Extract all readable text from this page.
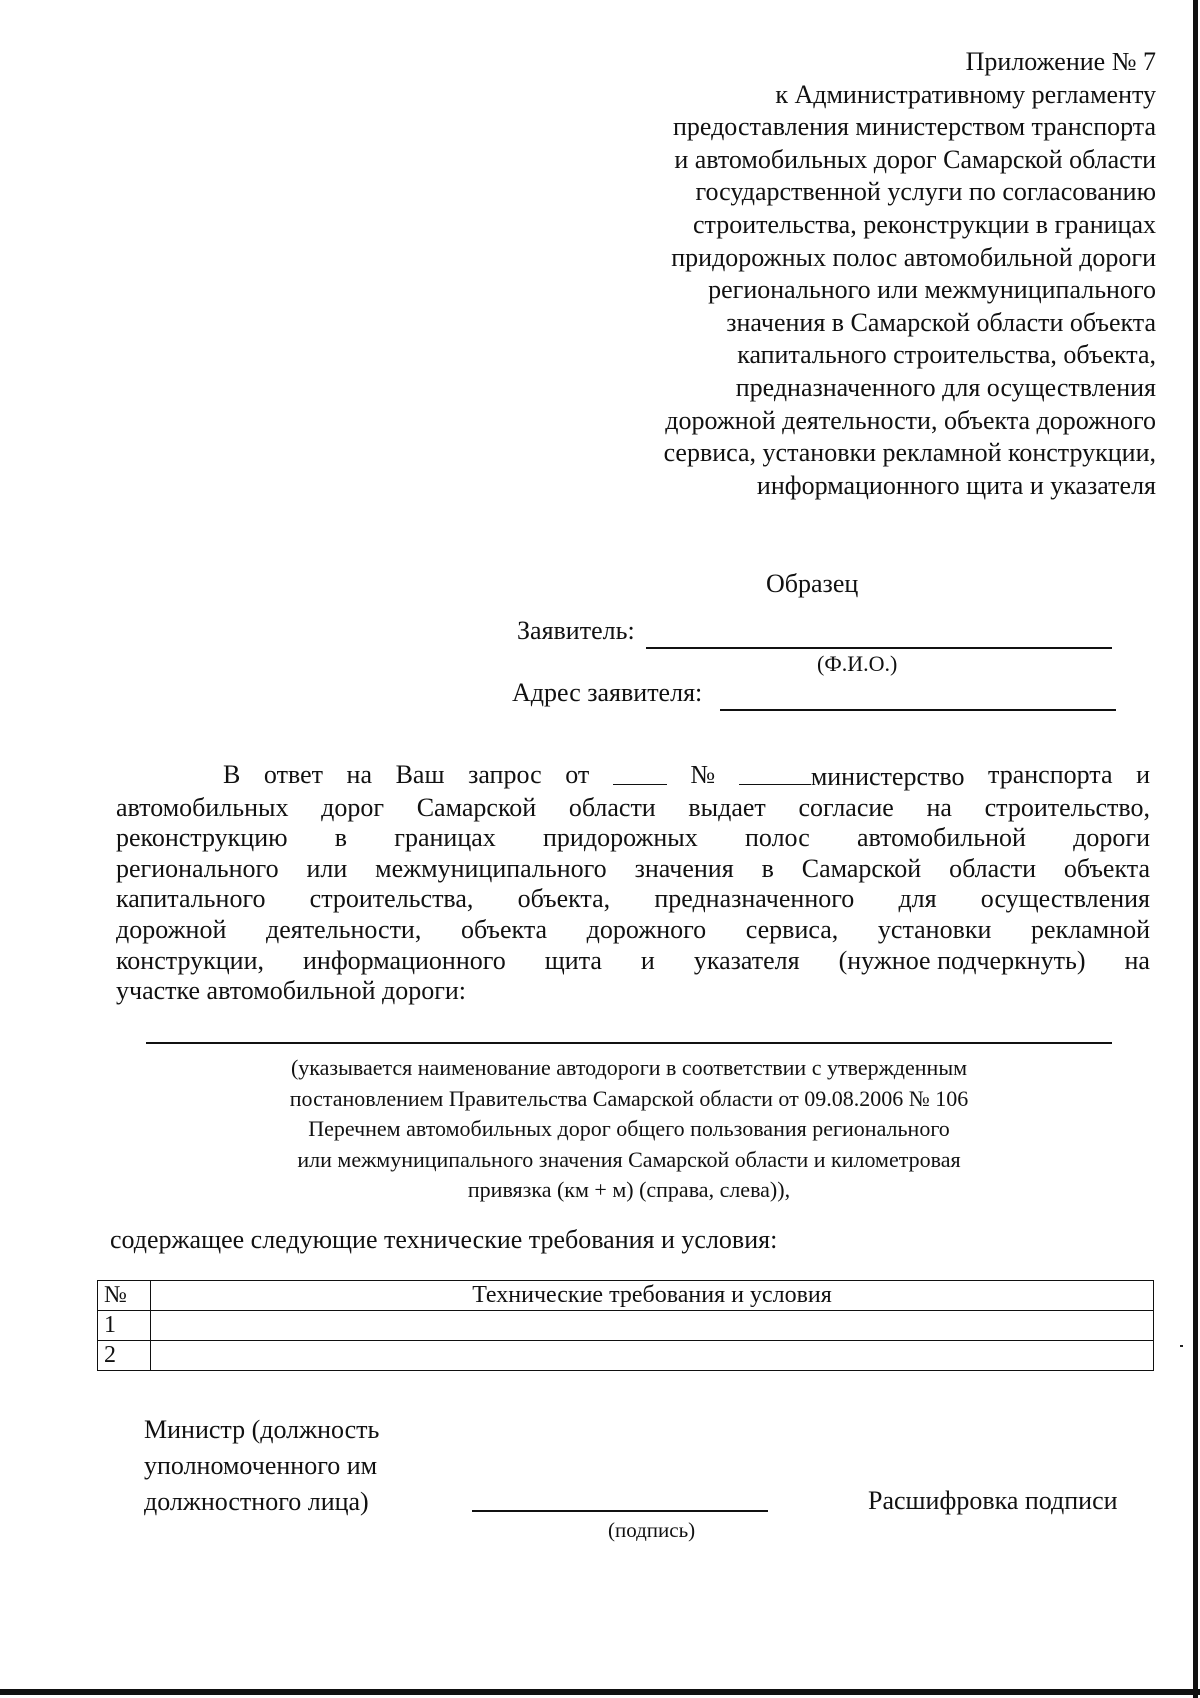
Приложение № 7
к Административному регламенту
предоставления министерством транспорта
и автомобильных дорог Самарской области
государственной услуги по согласованию
строительства, реконструкции в границах
придорожных полос автомобильной дороги
регионального или межмуниципального
значения в Самарской области объекта
капитального строительства, объекта,
предназначенного для осуществления
дорожной деятельности, объекта дорожного
сервиса, установки рекламной конструкции,
информационного щита и указателя
Образец
Заявитель:
(Ф.И.О.)
Адрес заявителя:
В ответ на Ваш запрос от	№	министерство транспорта и
автомобильных дорог Самарской области выдает согласие на строительство,
реконструкцию в границах придорожных полос автомобильной дороги
регионального или межмуниципального значения в Самарской области объекта
капитального строительства, объекта, предназначенного для осуществления
дорожной деятельности, объекта дорожного сервиса, установки рекламной
конструкции, информационного щита и указателя (нужное подчеркнуть) на
участке автомобильной дороги:
(указывается наименование автодороги в соответствии с утвержденным
постановлением Правительства Самарской области от 09.08.2006 № 106
Перечнем автомобильных дорог общего пользования регионального
или межмуниципального значения Самарской области и километровая
привязка (км + м) (справа, слева)),
содержащее следующие технические требования и условия:
№	Технические требования и условия
1	
2	
Министр (должность
уполномоченного им
должностного лица)
(подпись)
Расшифровка подписи
